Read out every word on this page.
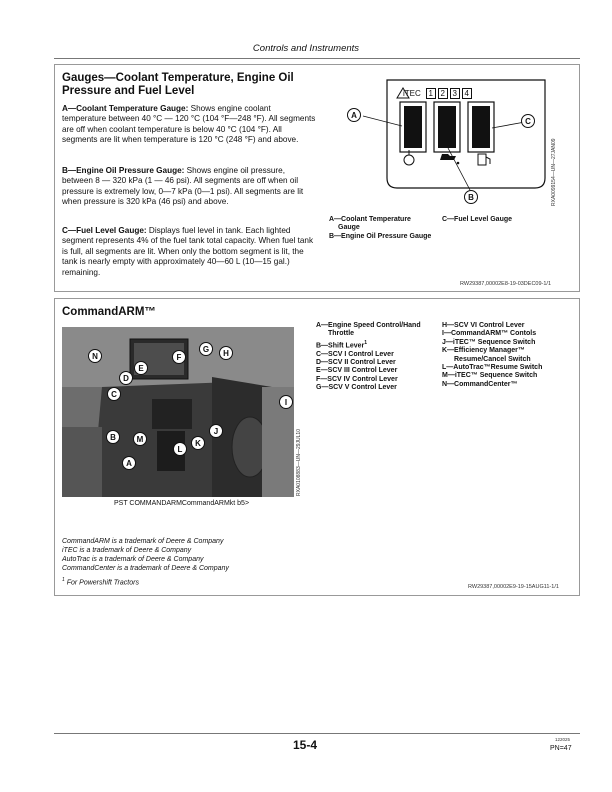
Controls and Instruments
Gauges—Coolant Temperature, Engine Oil
Pressure and Fuel Level
A—Coolant Temperature Gauge: Shows engine coolant temperature between 40 °C — 120 °C (104 °F—248 °F). All segments are off when coolant temperature is below 40 °C (104 °F). All segments are lit when temperature is 120 °C (248 °F) and above.
B—Engine Oil Pressure Gauge: Shows engine oil pressure, between 8 — 320 kPa (1 — 46 psi). All segments are off when oil pressure is extremely low, 0—7 kPa (0—1 psi). All segments are lit when pressure is 320 kPa (46 psi) and above.
C—Fuel Level Gauge: Displays fuel level in tank. Each lighted segment represents 4% of the fuel tank total capacity. When fuel tank is full, all segments are lit. When only the bottom segment is lit, the tank is nearly empty with approximately 40—60 L (10—15 gal.) remaining.
iTEC 1 2 3 4
A
B
C
RXA0099154—UN—27JAN09
A—Coolant Temperature
Gauge
B—Engine Oil Pressure Gauge
C—Fuel Level Gauge
RW29387,00002E8-19-03DEC09-1/1
CommandARM™
N
E
F
G	H
D
C
I
J
K
L
B	M
A	RXA0108883—UN—29JUL10
PST COMMANDARMCommandARMkt b5>
A—Engine Speed Control/Hand
Throttle
B—Shift Lever$^1$
C—SCV I Control Lever
D—SCV II Control Lever
E—SCV III Control Lever
F—SCV IV Control Lever
G—SCV V Control Lever
H—SCV VI Control Lever
I—CommandARM™ Contols
J—iTEC™ Sequence Switch
K—Efficiency Manager™
Resume/Cancel Switch
L—AutoTrac™Resume Switch
M—iTEC™ Sequence Switch
N—CommandCenter™
CommandARM is a trademark of Deere & Company
iTEC is a trademark of Deere & Company
AutoTrac is a trademark of Deere & Company
CommandCenter is a trademark of Deere & Company
$^1$ For Powershift Tractors
RW29387,00002E9-19-15AUG11-1/1
15-4	122025
PN=47
